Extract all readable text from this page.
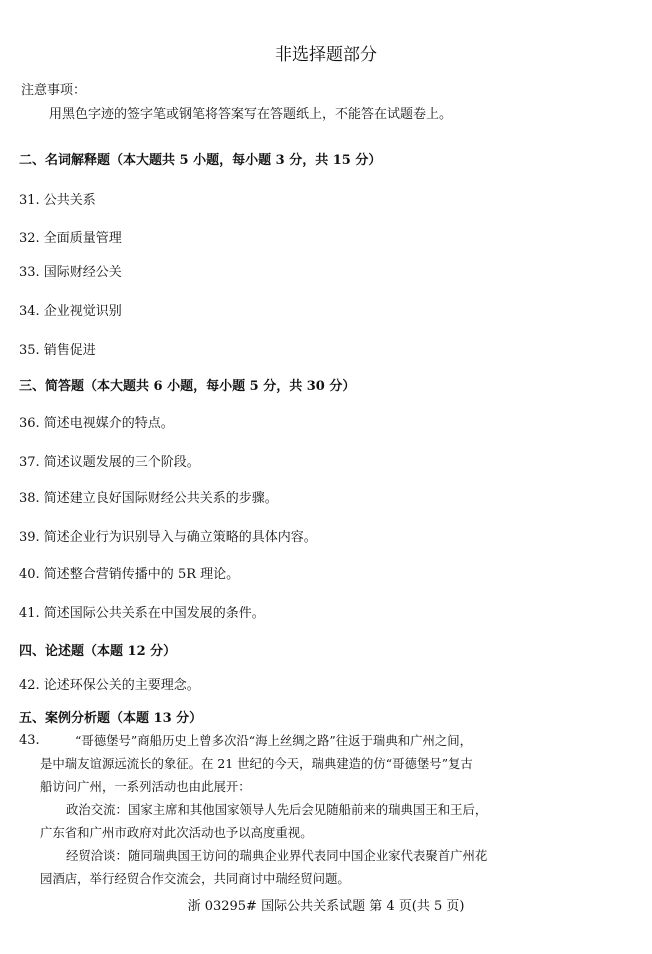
非选择题部分
注意事项：
用黑色字迹的签字笔或钢笔将答案写在答题纸上，不能答在试题卷上。
二、名词解释题（本大题共 5 小题，每小题 3 分，共 15 分）
31. 公共关系
32. 全面质量管理
33. 国际财经公关
34. 企业视觉识别
35. 销售促进
三、简答题（本大题共 6 小题，每小题 5 分，共 30 分）
36. 简述电视媒介的特点。
37. 简述议题发展的三个阶段。
38. 简述建立良好国际财经公共关系的步骤。
39. 简述企业行为识别导入与确立策略的具体内容。
40. 简述整合营销传播中的 5R 理论。
41. 简述国际公共关系在中国发展的条件。
四、论述题（本题 12 分）
42. 论述环保公关的主要理念。
五、案例分析题（本题 13 分）
43.	“哥德堡号”商船历史上曾多次沿“海上丝绸之路”往返于瑞典和广州之间，
是中瑞友谊源远流长的象征。在 21 世纪的今天，瑞典建造的仿“哥德堡号”复古
船访问广州，一系列活动也由此展开：
政治交流：国家主席和其他国家领导人先后会见随船前来的瑞典国王和王后，
广东省和广州市政府对此次活动也予以高度重视。
经贸洽谈：随同瑞典国王访问的瑞典企业界代表同中国企业家代表聚首广州花
园酒店，举行经贸合作交流会，共同商讨中瑞经贸问题。
浙 03295# 国际公共关系试题 第 4 页(共 5 页)
